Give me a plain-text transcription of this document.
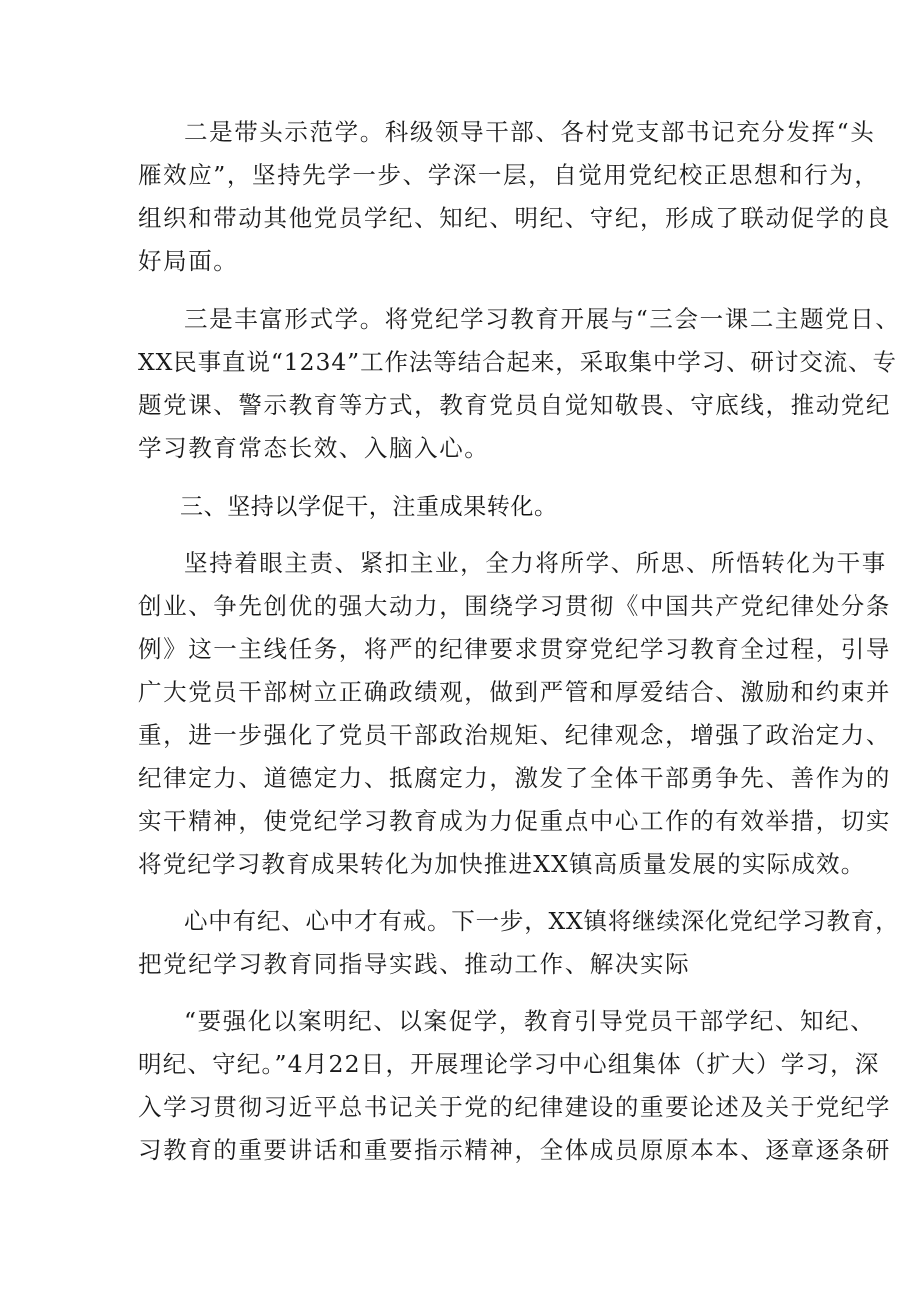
二是带头示范学。科级领导干部、各村党支部书记充分发挥“头
雁效应”，坚持先学一步、学深一层，自觉用党纪校正思想和行为，
组织和带动其他党员学纪、知纪、明纪、守纪，形成了联动促学的良
好局面。
三是丰富形式学。将党纪学习教育开展与“三会一课二主题党日、
XX民事直说“1234”工作法等结合起来，采取集中学习、研讨交流、专
题党课、警示教育等方式，教育党员自觉知敬畏、守底线，推动党纪
学习教育常态长效、入脑入心。
三、坚持以学促干，注重成果转化。
坚持着眼主责、紧扣主业，全力将所学、所思、所悟转化为干事
创业、争先创优的强大动力，围绕学习贯彻《中国共产党纪律处分条
例》这一主线任务，将严的纪律要求贯穿党纪学习教育全过程，引导
广大党员干部树立正确政绩观，做到严管和厚爱结合、激励和约束并
重，进一步强化了党员干部政治规矩、纪律观念，增强了政治定力、
纪律定力、道德定力、抵腐定力，激发了全体干部勇争先、善作为的
实干精神，使党纪学习教育成为力促重点中心工作的有效举措，切实
将党纪学习教育成果转化为加快推进XX镇高质量发展的实际成效。
心中有纪、心中才有戒。下一步，XX镇将继续深化党纪学习教育，
把党纪学习教育同指导实践、推动工作、解决实际
“要强化以案明纪、以案促学，教育引导党员干部学纪、知纪、
明纪、守纪。”4月22日，开展理论学习中心组集体（扩大）学习，深
入学习贯彻习近平总书记关于党的纪律建设的重要论述及关于党纪学
习教育的重要讲话和重要指示精神，全体成员原原本本、逐章逐条研
